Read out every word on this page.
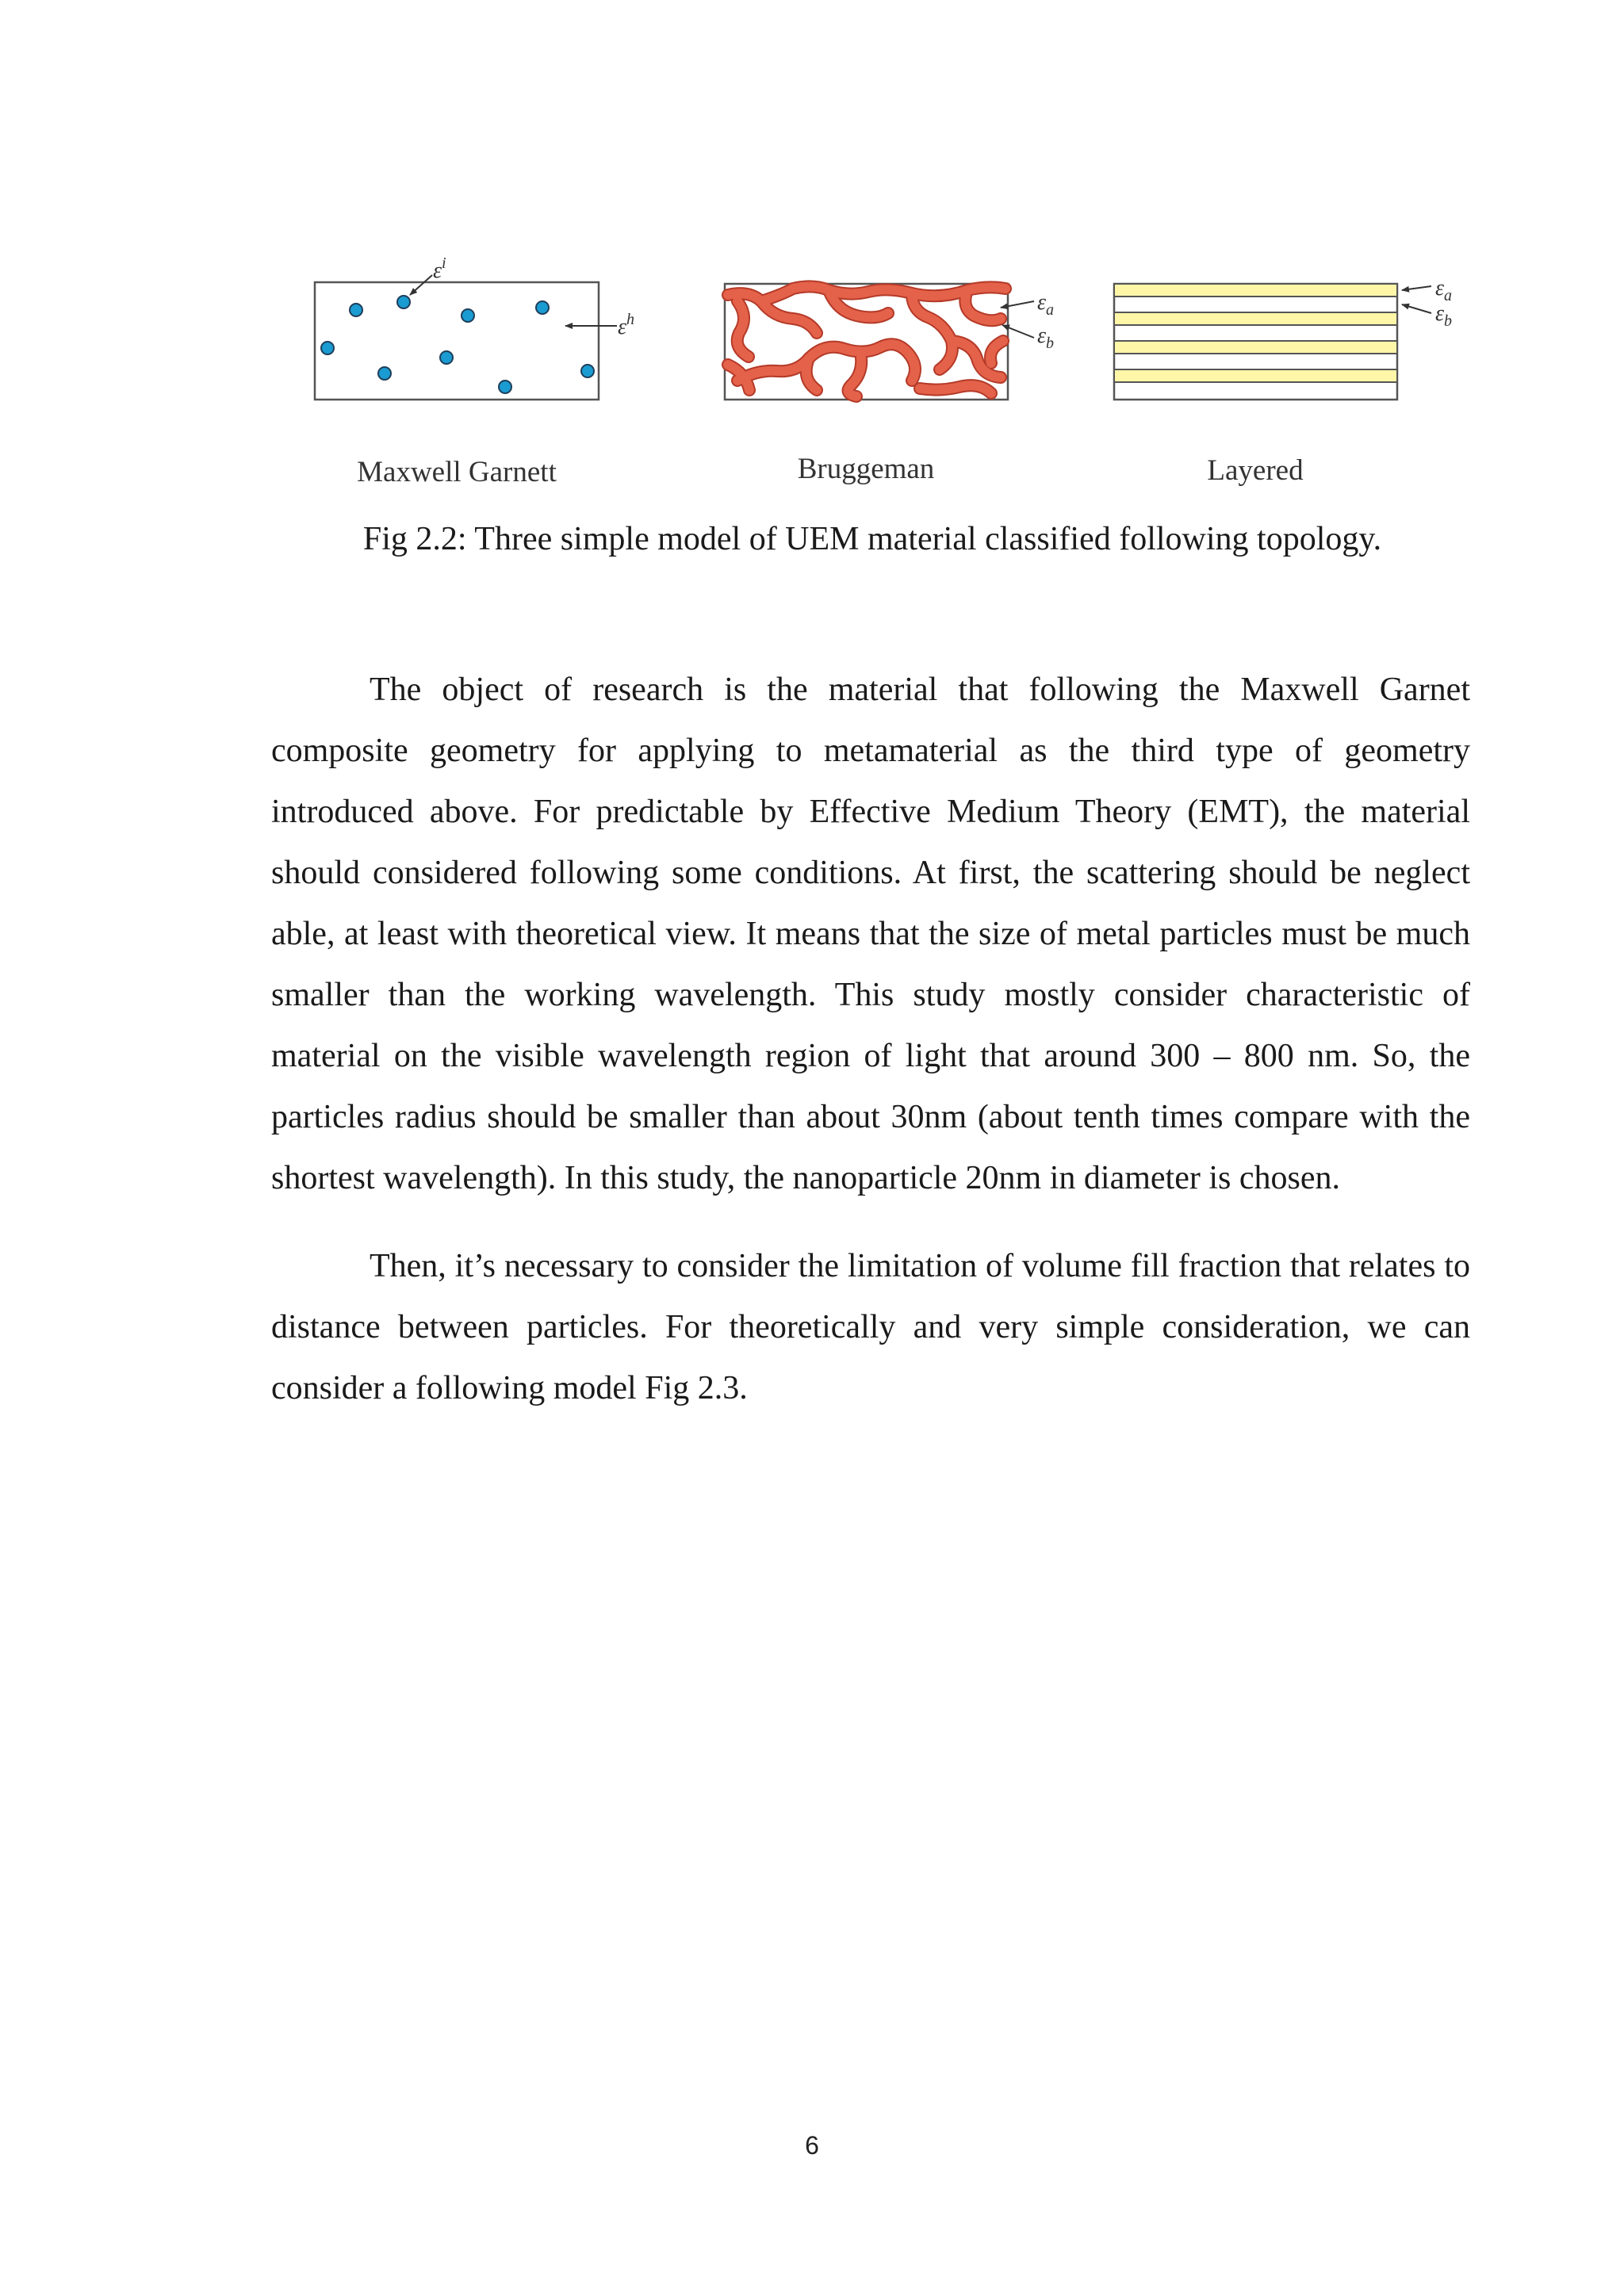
$\varepsilon^i$
$\varepsilon^h$
$\varepsilon_a$
$\varepsilon_b$
$\varepsilon_a$
$\varepsilon_b$
Maxwell Garnett	Bruggeman	Layered
Fig 2.2: Three simple model of UEM material classified following topology.

The object of research is the material that following the Maxwell Garnet composite geometry for applying to metamaterial as the third type of geometry introduced above. For predictable by Effective Medium Theory (EMT), the material should considered following some conditions. At first, the scattering should be neglect able, at least with theoretical view. It means that the size of metal particles must be much smaller than the working wavelength. This study mostly consider characteristic of material on the visible wavelength region of light that around 300 – 800 nm. So, the particles radius should be smaller than about 30nm (about tenth times compare with the shortest wavelength). In this study, the nanoparticle 20nm in diameter is chosen.

Then, it’s necessary to consider the limitation of volume fill fraction that relates to distance between particles. For theoretically and very simple consideration, we can consider a following model Fig 2.3.

6
